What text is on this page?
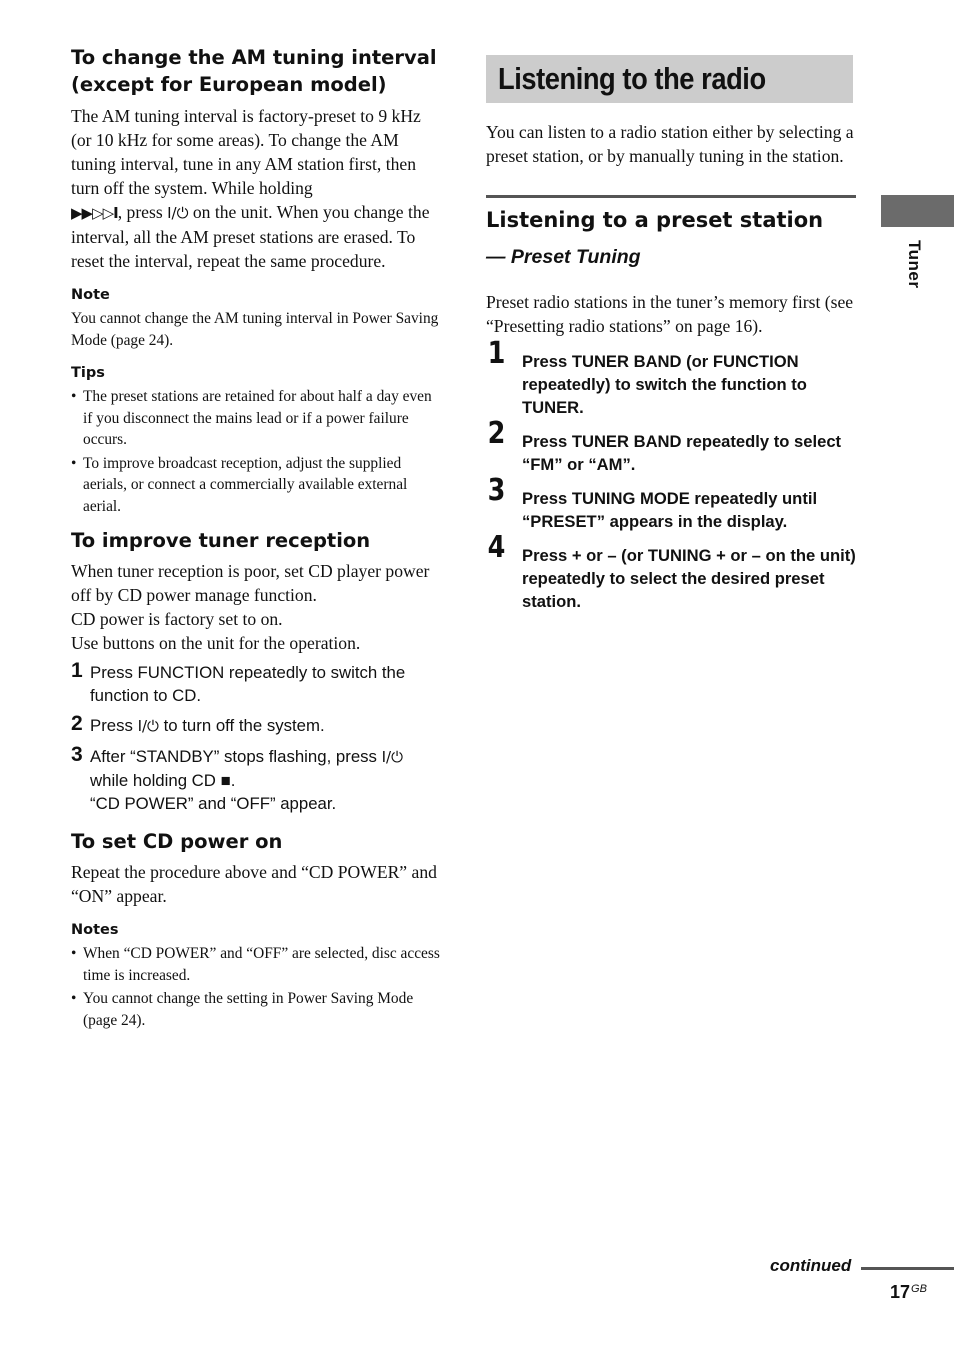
To change the AM tuning interval (except for European model)

The AM tuning interval is factory-preset to 9 kHz (or 10 kHz for some areas). To change the AM tuning interval, tune in any AM station first, then turn off the system. While holding
▶▶▷▷I, press I/⏻ on the unit. When you change the interval, all the AM preset stations are erased. To reset the interval, repeat the same procedure.

Note

You cannot change the AM tuning interval in Power Saving Mode (page 24).

Tips

• The preset stations are retained for about half a day even if you disconnect the mains lead or if a power failure occurs.
• To improve broadcast reception, adjust the supplied aerials, or connect a commercially available external aerial.
To improve tuner reception

When tuner reception is poor, set CD player power off by CD power manage function.
CD power is factory set to on.
Use buttons on the unit for the operation.

1 Press FUNCTION repeatedly to switch the function to CD.
2 Press I/⏻ to turn off the system.
3 After “STANDBY” stops flashing, press I/⏻ while holding CD ■.
“CD POWER” and “OFF” appear.
To set CD power on

Repeat the procedure above and “CD POWER” and “ON” appear.

Notes

• When “CD POWER” and “OFF” are selected, disc access time is increased.
• You cannot change the setting in Power Saving Mode (page 24).
Listening to the radio

You can listen to a radio station either by selecting a preset station, or by manually tuning in the station.

Listening to a preset station

— Preset Tuning

Preset radio stations in the tuner’s memory first (see “Presetting radio stations” on page 16).

1 Press TUNER BAND (or FUNCTION repeatedly) to switch the function to TUNER.
2 Press TUNER BAND repeatedly to select “FM” or “AM”.
3 Press TUNING MODE repeatedly until “PRESET” appears in the display.
4 Press + or – (or TUNING + or – on the unit) repeatedly to select the desired preset station.
Tuner
continued
$17^{GB}$
